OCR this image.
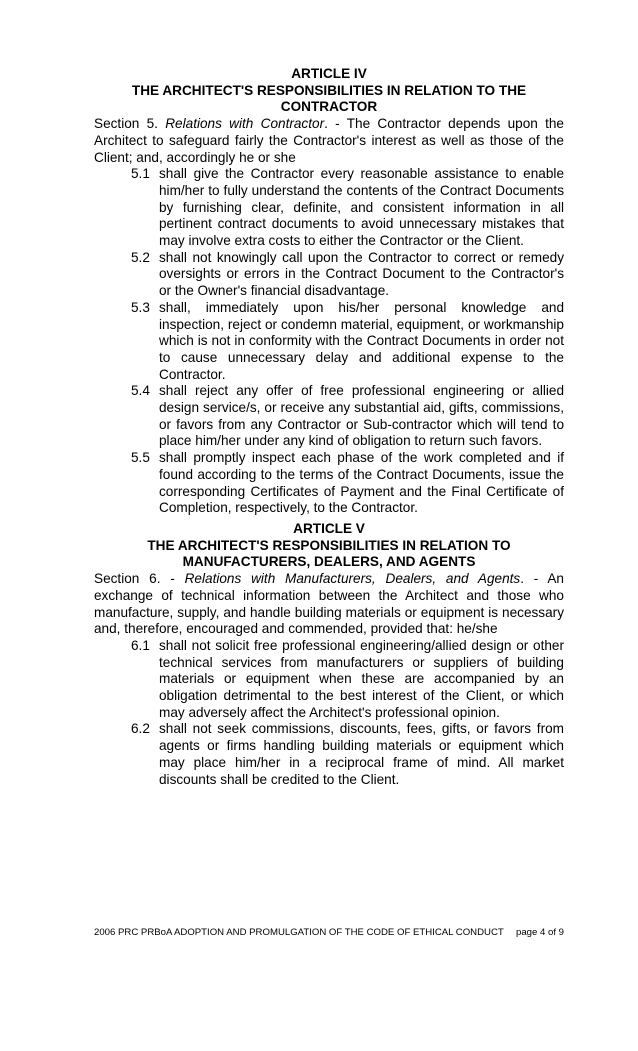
ARTICLE IV

THE ARCHITECT'S RESPONSIBILITIES IN RELATION TO THE

CONTRACTOR

Section 5. Relations with Contractor. - The Contractor depends upon the Architect to safeguard fairly the Contractor's interest as well as those of the Client; and, accordingly he or she

5.1 shall give the Contractor every reasonable assistance to enable him/her to fully understand the contents of the Contract Documents by furnishing clear, definite, and consistent information in all pertinent contract documents to avoid unnecessary mistakes that may involve extra costs to either the Contractor or the Client.
5.2 shall not knowingly call upon the Contractor to correct or remedy oversights or errors in the Contract Document to the Contractor's or the Owner's financial disadvantage.
5.3 shall, immediately upon his/her personal knowledge and inspection, reject or condemn material, equipment, or workmanship which is not in conformity with the Contract Documents in order not to cause unnecessary delay and additional expense to the Contractor.
5.4 shall reject any offer of free professional engineering or allied design service/s, or receive any substantial aid, gifts, commissions, or favors from any Contractor or Sub-contractor which will tend to place him/her under any kind of obligation to return such favors.
5.5 shall promptly inspect each phase of the work completed and if found according to the terms of the Contract Documents, issue the corresponding Certificates of Payment and the Final Certificate of Completion, respectively, to the Contractor.

ARTICLE V

THE ARCHITECT'S RESPONSIBILITIES IN RELATION TO

MANUFACTURERS, DEALERS, AND AGENTS

Section 6. - Relations with Manufacturers, Dealers, and Agents. - An exchange of technical information between the Architect and those who manufacture, supply, and handle building materials or equipment is necessary and, therefore, encouraged and commended, provided that: he/she

6.1 shall not solicit free professional engineering/allied design or other technical services from manufacturers or suppliers of building materials or equipment when these are accompanied by an obligation detrimental to the best interest of the Client, or which may adversely affect the Architect's professional opinion.
6.2 shall not seek commissions, discounts, fees, gifts, or favors from agents or firms handling building materials or equipment which may place him/her in a reciprocal frame of mind. All market discounts shall be credited to the Client.
2006 PRC PRBoA ADOPTION AND PROMULGATION OF THE CODE OF ETHICAL CONDUCT page 4 of 9
